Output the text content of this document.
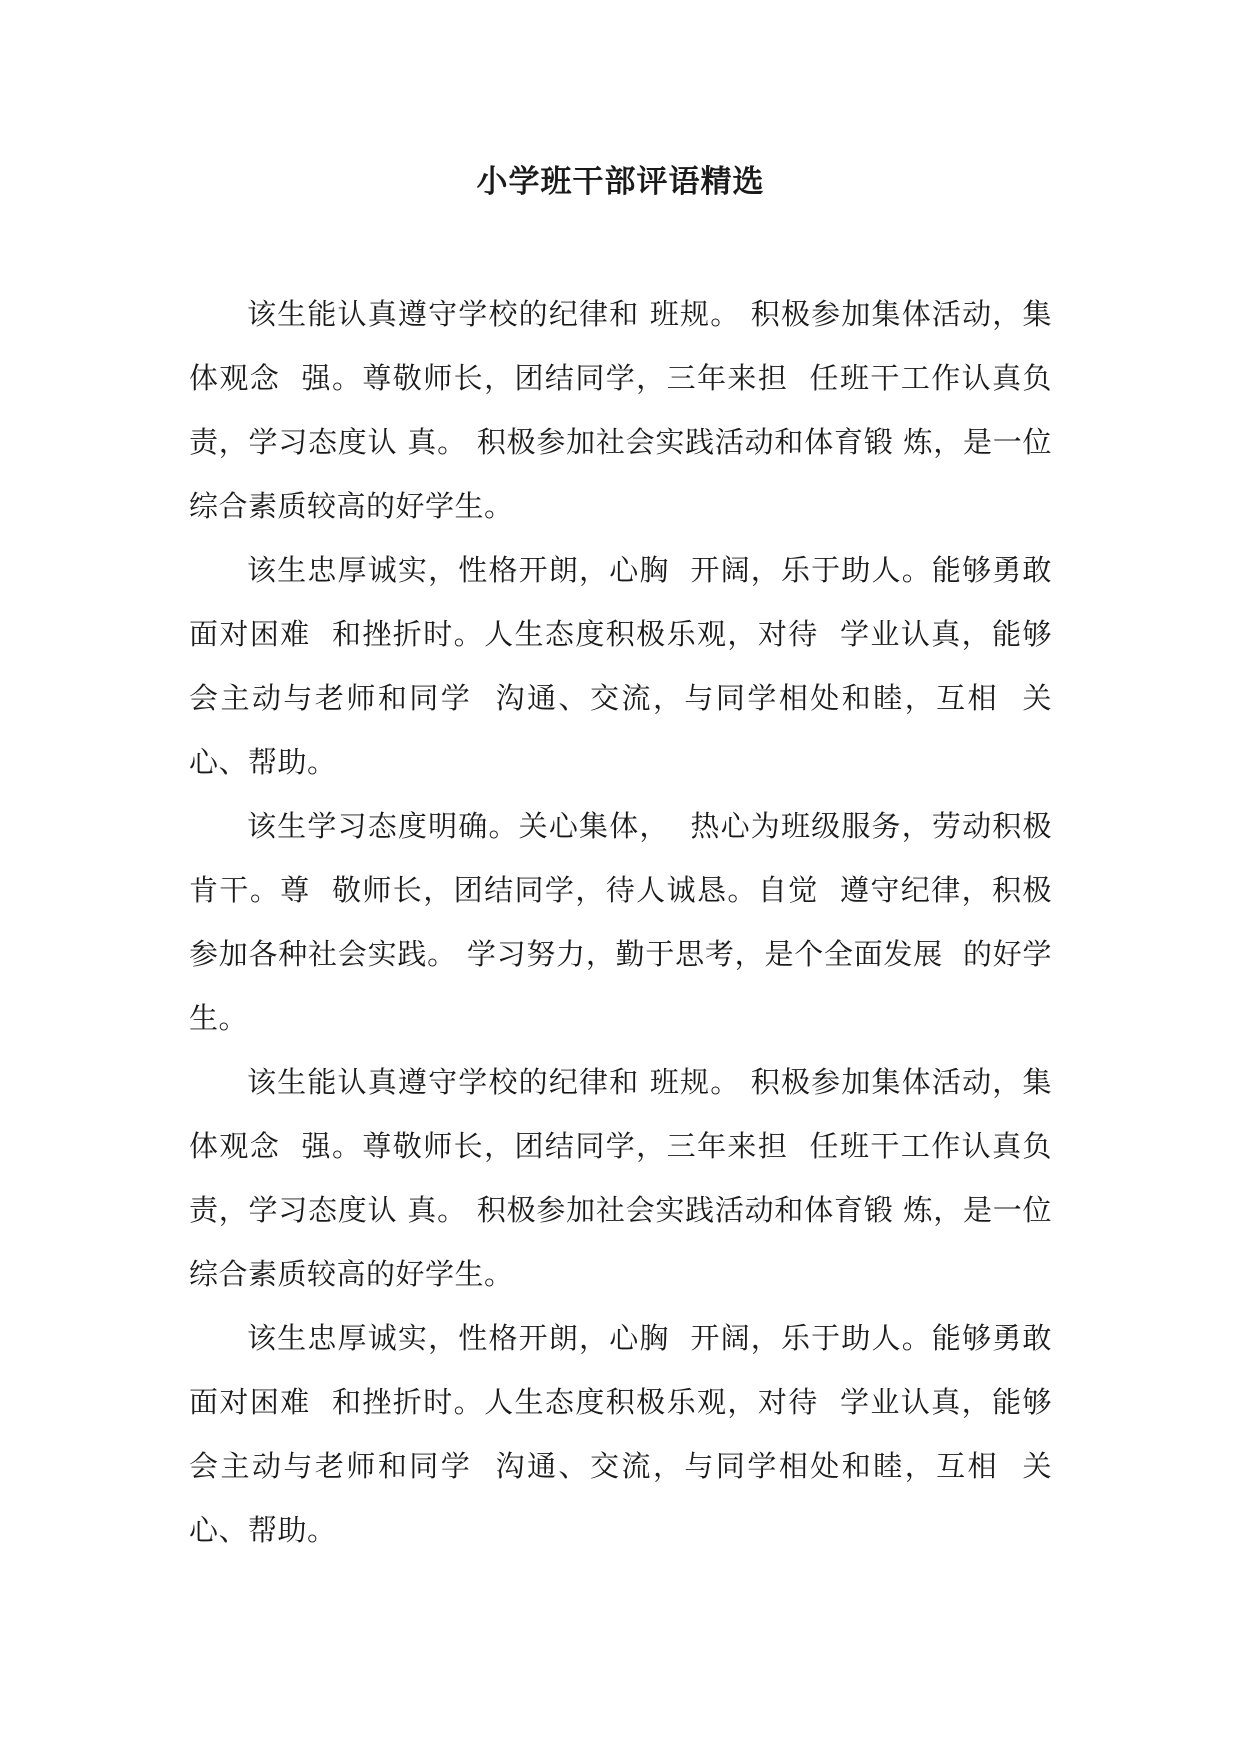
小学班干部评语精选

该生能认真遵守学校的纪律和 班规。 积极参加集体活动，集体观念  强。尊敬师长，团结同学，三年来担  任班干工作认真负责，学习态度认 真。 积极参加社会实践活动和体育锻 炼，是一位综合素质较高的好学生。

该生忠厚诚实，性格开朗，心胸  开阔，乐于助人。能够勇敢面对困难  和挫折时。人生态度积极乐观，对待  学业认真，能够会主动与老师和同学  沟通、交流，与同学相处和睦，互相  关心、帮助。

该生学习态度明确。关心集体，  热心为班级服务，劳动积极肯干。尊  敬师长，团结同学，待人诚恳。自觉  遵守纪律，积极参加各种社会实践。 学习努力，勤于思考，是个全面发展  的好学生。

该生能认真遵守学校的纪律和 班规。 积极参加集体活动，集体观念  强。尊敬师长，团结同学，三年来担  任班干工作认真负责，学习态度认 真。 积极参加社会实践活动和体育锻 炼，是一位综合素质较高的好学生。

该生忠厚诚实，性格开朗，心胸  开阔，乐于助人。能够勇敢面对困难  和挫折时。人生态度积极乐观，对待  学业认真，能够会主动与老师和同学  沟通、交流，与同学相处和睦，互相  关心、帮助。
